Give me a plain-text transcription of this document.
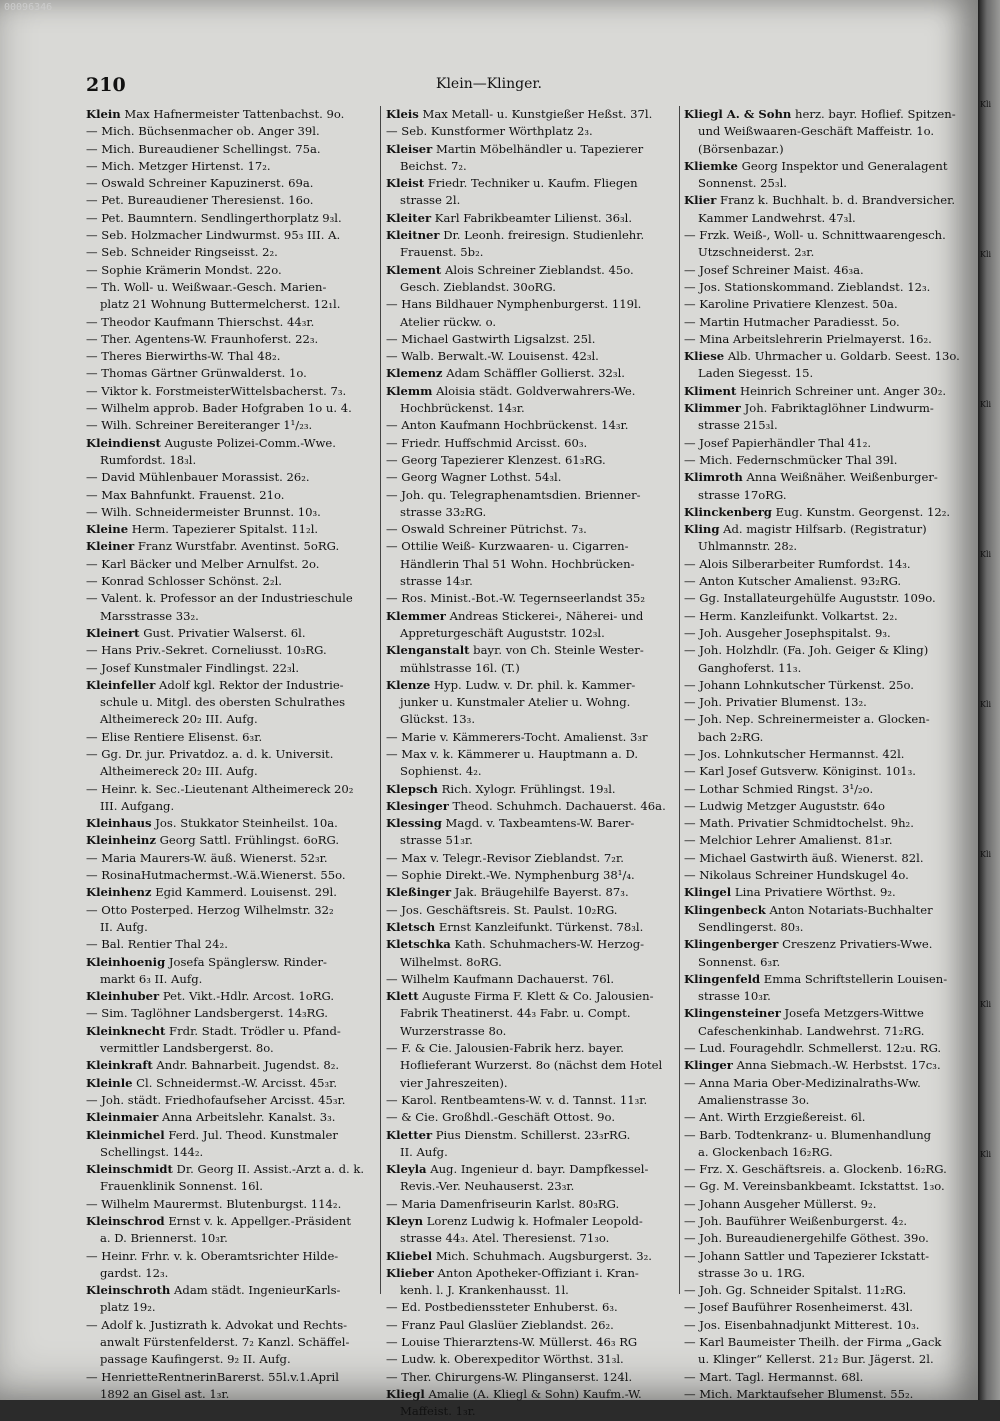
00096346
210	Klein—Klinger.
Klein Max Hafnermeister Tattenbachst. 9o.
— Mich. Büchsenmacher ob. Anger 39l.
— Mich. Bureaudiener Schellingst. 75a.
— Mich. Metzger Hirtenst. 17₂.
— Oswald Schreiner Kapuzinerst. 69a.
— Pet. Bureaudiener Theresienst. 16o.
— Pet. Baumntern. Sendlingerthorplatz 9₃l.
— Seb. Holzmacher Lindwurmst. 95₃ III. A.
— Seb. Schneider Ringseisst. 2₂.
— Sophie Krämerin Mondst. 22o.
— Th. Woll- u. Weißwaar.-Gesch. Marien-
platz 21 Wohnung Buttermelcherst. 12₁l.
— Theodor Kaufmann Thierschst. 44₃r.
— Ther. Agentens-W. Fraunhoferst. 22₃.
— Theres Bierwirths-W. Thal 48₂.
— Thomas Gärtner Grünwalderst. 1o.
— Viktor k. ForstmeisterWittelsbacherst. 7₃.
— Wilhelm approb. Bader Hofgraben 1o u. 4.
— Wilh. Schreiner Bereiteranger 1¹/₂₃.
Kleindienst Auguste Polizei-Comm.-Wwe.
Rumfordst. 18₃l.
— David Mühlenbauer Morassist. 26₂.
— Max Bahnfunkt. Frauenst. 21o.
— Wilh. Schneidermeister Brunnst. 10₃.
Kleine Herm. Tapezierer Spitalst. 11₂l.
Kleiner Franz Wurstfabr. Aventinst. 5oRG.
— Karl Bäcker und Melber Arnulfst. 2o.
— Konrad Schlosser Schönst. 2₂l.
— Valent. k. Professor an der Industrieschule
Marsstrasse 33₂.
Kleinert Gust. Privatier Walserst. 6l.
— Hans Priv.-Sekret. Corneliusst. 10₃RG.
— Josef Kunstmaler Findlingst. 22₃l.
Kleinfeller Adolf kgl. Rektor der Industrie-
schule u. Mitgl. des obersten Schulrathes
Altheimereck 20₂ III. Aufg.
— Elise Rentiere Elisenst. 6₃r.
— Gg. Dr. jur. Privatdoz. a. d. k. Universit.
Altheimereck 20₂ III. Aufg.
— Heinr. k. Sec.-Lieutenant Altheimereck 20₂
III. Aufgang.
Kleinhaus Jos. Stukkator Steinheilst. 10a.
Kleinheinz Georg Sattl. Frühlingst. 6oRG.
— Maria Maurers-W. äuß. Wienerst. 52₃r.
— RosinaHutmachermst.-W.ä.Wienerst. 55o.
Kleinhenz Egid Kammerd. Louisenst. 29l.
— Otto Posterped. Herzog Wilhelmstr. 32₂
II. Aufg.
— Bal. Rentier Thal 24₂.
Kleinhoenig Josefa Spänglersw. Rinder-
markt 6₃ II. Aufg.
Kleinhuber Pet. Vikt.-Hdlr. Arcost. 1oRG.
— Sim. Taglöhner Landsbergerst. 14₃RG.
Kleinknecht Frdr. Stadt. Trödler u. Pfand-
vermittler Landsbergerst. 8o.
Kleinkraft Andr. Bahnarbeit. Jugendst. 8₂.
Kleinle Cl. Schneidermst.-W. Arcisst. 45₃r.
— Joh. städt. Friedhofaufseher Arcisst. 45₃r.
Kleinmaier Anna Arbeitslehr. Kanalst. 3₃.
Kleinmichel Ferd. Jul. Theod. Kunstmaler
Schellingst. 144₂.
Kleinschmidt Dr. Georg II. Assist.-Arzt a. d. k.
Frauenklinik Sonnenst. 16l.
— Wilhelm Maurermst. Blutenburgst. 114₂.
Kleinschrod Ernst v. k. Appellger.-Präsident
a. D. Briennerst. 10₃r.
— Heinr. Frhr. v. k. Oberamtsrichter Hilde-
gardst. 12₃.
Kleinschroth Adam städt. IngenieurKarls-
platz 19₂.
— Adolf k. Justizrath k. Advokat und Rechts-
anwalt Fürstenfelderst. 7₂ Kanzl. Schäffel-
passage Kaufingerst. 9₂ II. Aufg.
— HenrietteRentnerinBarerst. 55l.v.1.April
1892 an Gisel ast. 1₃r.
Kleis Max Metall- u. Kunstgießer Heßst. 37l.
— Seb. Kunstformer Wörthplatz 2₃.
Kleiser Martin Möbelhändler u. Tapezierer
Beichst. 7₂.
Kleist Friedr. Techniker u. Kaufm. Fliegen
strasse 2l.
Kleiter Karl Fabrikbeamter Lilienst. 36₃l.
Kleitner Dr. Leonh. freiresign. Studienlehr.
Frauenst. 5b₂.
Klement Alois Schreiner Zieblandst. 45o.
Gesch. Zieblandst. 30oRG.
— Hans Bildhauer Nymphenburgerst. 119l.
Atelier rückw. o.
— Michael Gastwirth Ligsalzst. 25l.
— Walb. Berwalt.-W. Louisenst. 42₃l.
Klemenz Adam Schäffler Gollierst. 32₃l.
Klemm Aloisia städt. Goldverwahrers-We.
Hochbrückenst. 14₃r.
— Anton Kaufmann Hochbrückenst. 14₃r.
— Friedr. Huffschmid Arcisst. 60₃.
— Georg Tapezierer Klenzest. 61₃RG.
— Georg Wagner Lothst. 54₃l.
— Joh. qu. Telegraphenamtsdien. Brienner-
strasse 33₂RG.
— Oswald Schreiner Pütrichst. 7₃.
— Ottilie Weiß- Kurzwaaren- u. Cigarren-
Händlerin Thal 51 Wohn. Hochbrücken-
strasse 14₃r.
— Ros. Minist.-Bot.-W. Tegernseerlandst 35₂
Klemmer Andreas Stickerei-, Näherei- und
Appreturgeschäft Auguststr. 102₃l.
Klenganstalt bayr. von Ch. Steinle Wester-
mühlstrasse 16l. (T.)
Klenze Hyp. Ludw. v. Dr. phil. k. Kammer-
junker u. Kunstmaler Atelier u. Wohng.
Glückst. 13₃.
— Marie v. Kämmerers-Tocht. Amalienst. 3₃r
— Max v. k. Kämmerer u. Hauptmann a. D.
Sophienst. 4₂.
Klepsch Rich. Xylogr. Frühlingst. 19₃l.
Klesinger Theod. Schuhmch. Dachauerst. 46a.
Klessing Magd. v. Taxbeamtens-W. Barer-
strasse 51₃r.
— Max v. Telegr.-Revisor Zieblandst. 7₂r.
— Sophie Direkt.-We. Nymphenburg 38¹/₄.
Kleßinger Jak. Bräugehilfe Bayerst. 87₃.
— Jos. Geschäftsreis. St. Paulst. 10₂RG.
Kletsch Ernst Kanzleifunkt. Türkenst. 78₃l.
Kletschka Kath. Schuhmachers-W. Herzog-
Wilhelmst. 8oRG.
— Wilhelm Kaufmann Dachauerst. 76l.
Klett Auguste Firma F. Klett & Co. Jalousien-
Fabrik Theatinerst. 44₃ Fabr. u. Compt.
Wurzerstrasse 8o.
— F. & Cie. Jalousien-Fabrik herz. bayer.
Hoflieferant Wurzerst. 8o (nächst dem Hotel
vier Jahreszeiten).
— Karol. Rentbeamtens-W. v. d. Tannst. 11₃r.
— & Cie. Großhdl.-Geschäft Ottost. 9o.
Kletter Pius Dienstm. Schillerst. 23₃rRG.
II. Aufg.
Kleyla Aug. Ingenieur d. bayr. Dampfkessel-
Revis.-Ver. Neuhauserst. 23₃r.
— Maria Damenfriseurin Karlst. 80₃RG.
Kleyn Lorenz Ludwig k. Hofmaler Leopold-
strasse 44₃. Atel. Theresienst. 71₃o.
Kliebel Mich. Schuhmach. Augsburgerst. 3₂.
Klieber Anton Apotheker-Offiziant i. Kran-
kenh. l. J. Krankenhausst. 1l.
— Ed. Postbedienssteter Enhuberst. 6₃.
— Franz Paul Glaslüer Zieblandst. 26₂.
— Louise Thierarztens-W. Müllerst. 46₃ RG
— Ludw. k. Oberexpeditor Wörthst. 31₃l.
— Ther. Chirurgens-W. Plinganserst. 124l.
Kliegl Amalie (A. Kliegl & Sohn) Kaufm.-W.
Maffeist. 1₃r.
Kliegl A. & Sohn herz. bayr. Hoflief. Spitzen-
und Weißwaaren-Geschäft Maffeistr. 1o.
(Börsenbazar.)
Kliemke Georg Inspektor und Generalagent
Sonnenst. 25₃l.
Klier Franz k. Buchhalt. b. d. Brandversicher.
Kammer Landwehrst. 47₃l.
— Frzk. Weiß-, Woll- u. Schnittwaarengesch.
Utzschneiderst. 2₃r.
— Josef Schreiner Maist. 46₃a.
— Jos. Stationskommand. Zieblandst. 12₃.
— Karoline Privatiere Klenzest. 50a.
— Martin Hutmacher Paradiesst. 5o.
— Mina Arbeitslehrerin Prielmayerst. 16₂.
Kliese Alb. Uhrmacher u. Goldarb. Seest. 13o.
Laden Siegesst. 15.
Kliment Heinrich Schreiner unt. Anger 30₂.
Klimmer Joh. Fabriktaglöhner Lindwurm-
strasse 215₃l.
— Josef Papierhändler Thal 41₂.
— Mich. Federnschmücker Thal 39l.
Klimroth Anna Weißnäher. Weißenburger-
strasse 17oRG.
Klinckenberg Eug. Kunstm. Georgenst. 12₂.
Kling Ad. magistr Hilfsarb. (Registratur)
Uhlmannstr. 28₂.
— Alois Silberarbeiter Rumfordst. 14₃.
— Anton Kutscher Amalienst. 93₂RG.
— Gg. Installateurgehülfe Auguststr. 109o.
— Herm. Kanzleifunkt. Volkartst. 2₂.
— Joh. Ausgeher Josephspitalst. 9₃.
— Joh. Holzhdlr. (Fa. Joh. Geiger & Kling)
Ganghoferst. 11₃.
— Johann Lohnkutscher Türkenst. 25o.
— Joh. Privatier Blumenst. 13₂.
— Joh. Nep. Schreinermeister a. Glocken-
bach 2₂RG.
— Jos. Lohnkutscher Hermannst. 42l.
— Karl Josef Gutsverw. Königinst. 101₃.
— Lothar Schmied Ringst. 3¹/₂o.
— Ludwig Metzger Auguststr. 64o
— Math. Privatier Schmidtochelst. 9h₂.
— Melchior Lehrer Amalienst. 81₃r.
— Michael Gastwirth äuß. Wienerst. 82l.
— Nikolaus Schreiner Hundskugel 4o.
Klingel Lina Privatiere Wörthst. 9₂.
Klingenbeck Anton Notariats-Buchhalter
Sendlingerst. 80₃.
Klingenberger Creszenz Privatiers-Wwe.
Sonnenst. 6₃r.
Klingenfeld Emma Schriftstellerin Louisen-
strasse 10₃r.
Klingensteiner Josefa Metzgers-Wittwe
Cafeschenkinhab. Landwehrst. 71₂RG.
— Lud. Fouragehdlr. Schmellerst. 12₂u. RG.
Klinger Anna Siebmach.-W. Herbstst. 17c₃.
— Anna Maria Ober-Medizinalraths-Ww.
Amalienstrasse 3o.
— Ant. Wirth Erzgießereist. 6l.
— Barb. Todtenkranz- u. Blumenhandlung
a. Glockenbach 16₂RG.
— Frz. X. Geschäftsreis. a. Glockenb. 16₂RG.
— Gg. M. Vereinsbankbeamt. Ickstattst. 1₃o.
— Johann Ausgeher Müllerst. 9₂.
— Joh. Bauführer Weißenburgerst. 4₂.
— Joh. Bureaudienergehilfe Göthest. 39o.
— Johann Sattler und Tapezierer Ickstatt-
strasse 3o u. 1RG.
— Joh. Gg. Schneider Spitalst. 11₂RG.
— Josef Bauführer Rosenheimerst. 43l.
— Jos. Eisenbahnadjunkt Mitterest. 10₃.
— Karl Baumeister Theilh. der Firma „Gack
u. Klinger“ Kellerst. 21₂ Bur. Jägerst. 2l.
— Mart. Tagl. Hermannst. 68l.
— Mich. Marktaufseher Blumenst. 55₂.
Kli
Kli
Kli
Kli
Kli
Kli
Kli
Kli
